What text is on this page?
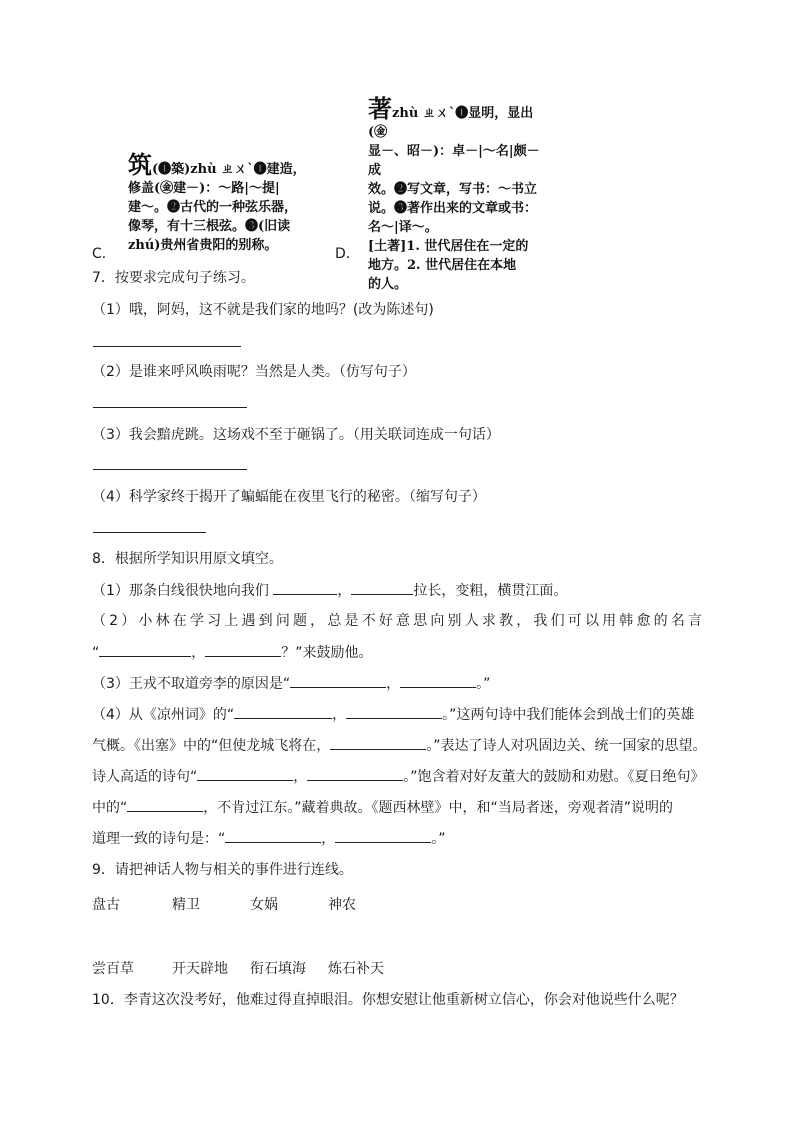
C．
筑(❶築)zhù ㄓㄨˋ❶建造，
修盖(㊎建－)：～路|～提|
建～。❷古代的一种弦乐器，
像琴，有十三根弦。❸(旧读
zhú)贵州省贵阳的别称。
D．
著zhù ㄓㄨˋ❶显明，显出(㊎
显－、昭－)：卓－|～名|颇－成
效。❷写文章，写书：～书立
说。❸著作出来的文章或书：
名～|译～。
[土著]1. 世代居住在一定的
地方。2. 世代居住在本地
的人。
7．按要求完成句子练习。
（1）哦，阿妈，这不就是我们家的地吗？(改为陈述句)
（2）是谁来呼风唤雨呢？当然是人类。（仿写句子）
（3）我会黯虎跳。这场戏不至于砸锅了。（用关联词连成一句话）
（4）科学家终于揭开了蝙蝠能在夜里飞行的秘密。（缩写句子）
8．根据所学知识用原文填空。
（1）那条白线很快地向我们	，	拉长，变粗，横贯江面。
（2）小林在学习上遇到问题，总是不好意思向别人求教，我们可以用韩愈的名言
“	，	？”来鼓励他。
（3）王戎不取道旁李的原因是“	，	。”
（4）从《凉州词》的“	，	。”这两句诗中我们能体会到战士们的英雄
气概。《出塞》中的“但使龙城飞将在，	。”表达了诗人对巩固边关、统一国家的思望。
诗人高适的诗句“	，	。”饱含着对好友董大的鼓励和劝慰。《夏日绝句》
中的“	，不肯过江东。”藏着典故。《题西林壁》中，和“当局者迷，旁观者清”说明的
道理一致的诗句是：“	，	。”
9．请把神话人物与相关的事件进行连线。
盘古	精卫	女娲	神农
尝百草	开天辟地 衔石填海 炼石补天
10．李青这次没考好，他难过得直掉眼泪。你想安慰让他重新树立信心，你会对他说些什么呢？
